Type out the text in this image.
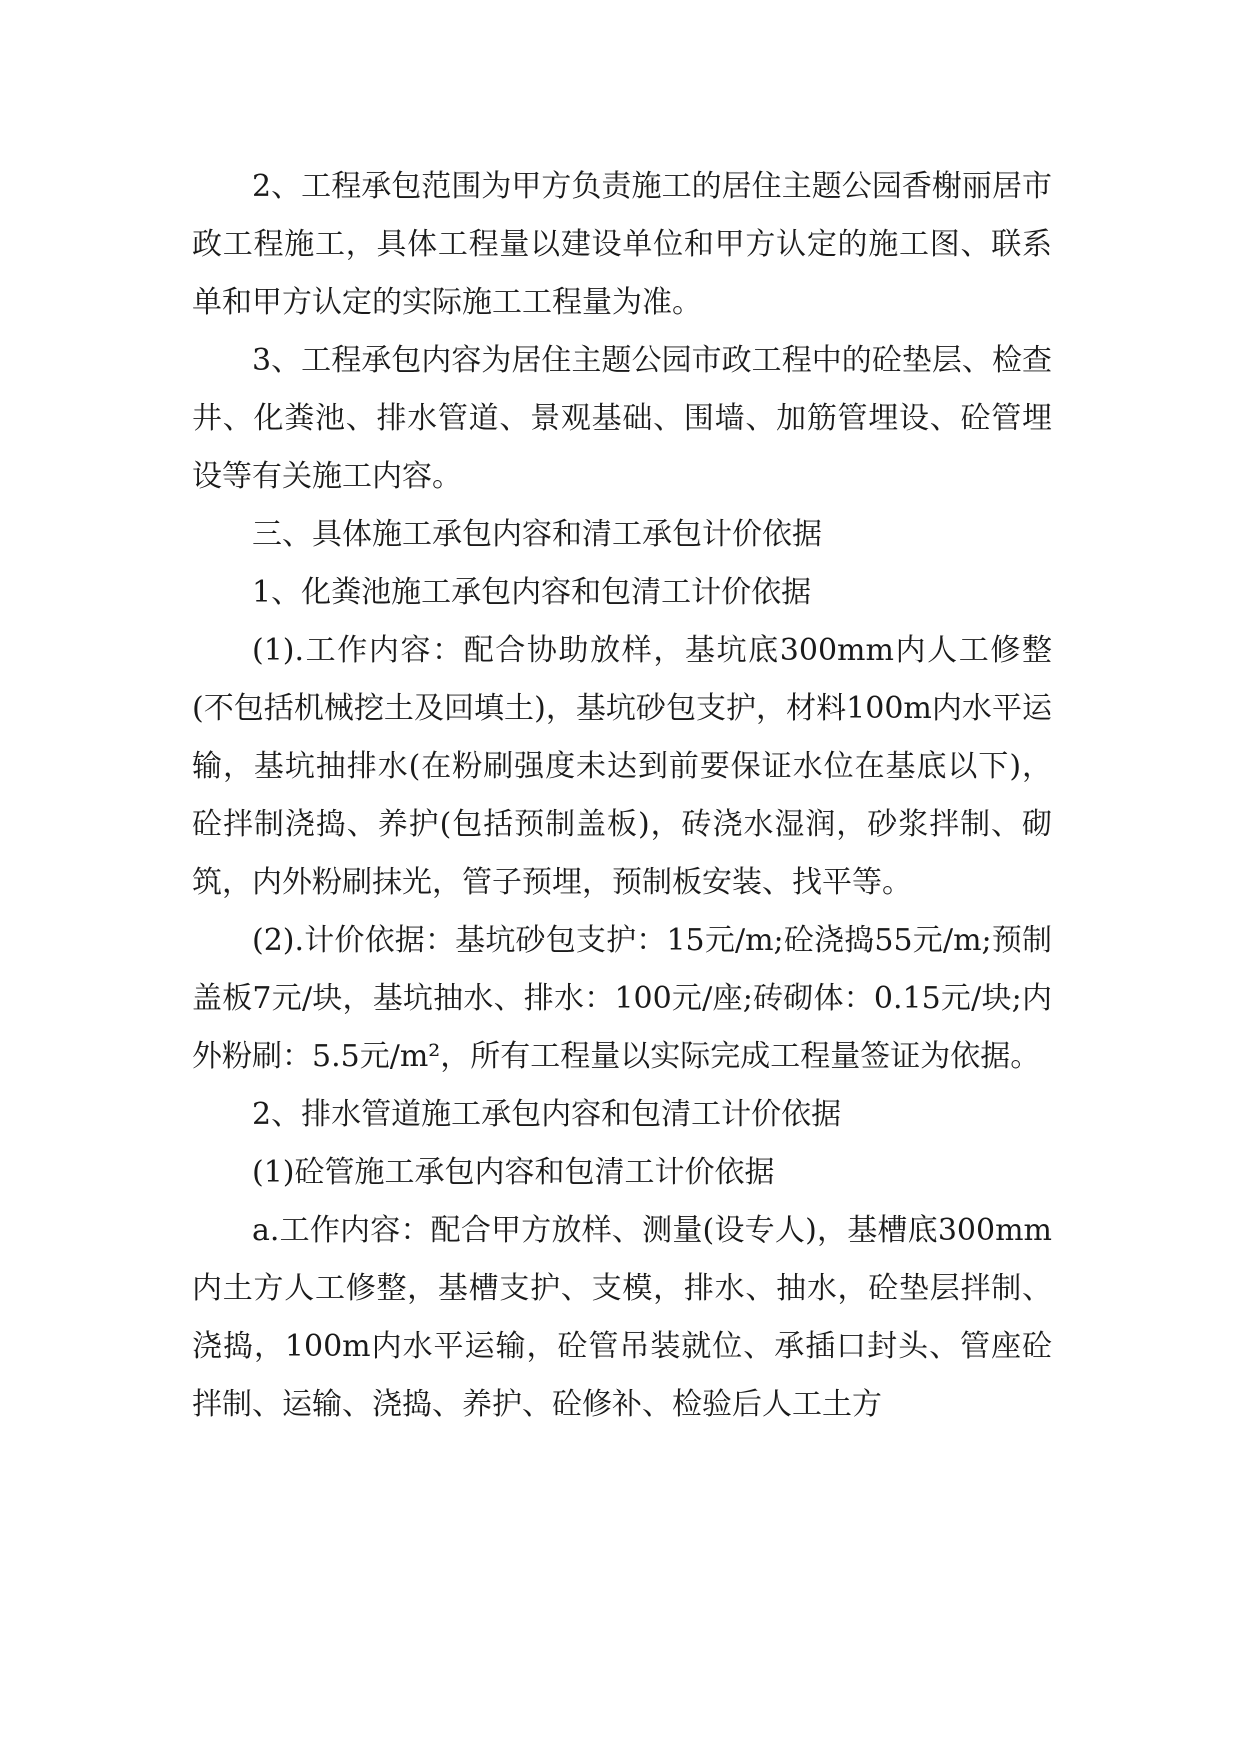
2、工程承包范围为甲方负责施工的居住主题公园香榭丽居市政工程施工，具体工程量以建设单位和甲方认定的施工图、联系单和甲方认定的实际施工工程量为准。

3、工程承包内容为居住主题公园市政工程中的砼垫层、检查井、化粪池、排水管道、景观基础、围墙、加筋管埋设、砼管埋设等有关施工内容。

三、具体施工承包内容和清工承包计价依据

1、化粪池施工承包内容和包清工计价依据

(1).工作内容：配合协助放样，基坑底300mm内人工修整(不包括机械挖土及回填土)，基坑砂包支护，材料100m内水平运输，基坑抽排水(在粉刷强度未达到前要保证水位在基底以下)，砼拌制浇捣、养护(包括预制盖板)，砖浇水湿润，砂浆拌制、砌筑，内外粉刷抹光，管子预埋，预制板安装、找平等。

(2).计价依据：基坑砂包支护：15元/m;砼浇捣55元/m;预制盖板7元/块，基坑抽水、排水：100元/座;砖砌体：0.15元/块;内外粉刷：5.5元/m²，所有工程量以实际完成工程量签证为依据。

2、排水管道施工承包内容和包清工计价依据

(1)砼管施工承包内容和包清工计价依据

a.工作内容：配合甲方放样、测量(设专人)，基槽底300mm内土方人工修整，基槽支护、支模，排水、抽水，砼垫层拌制、浇捣，100m内水平运输，砼管吊装就位、承插口封头、管座砼拌制、运输、浇捣、养护、砼修补、检验后人工土方
